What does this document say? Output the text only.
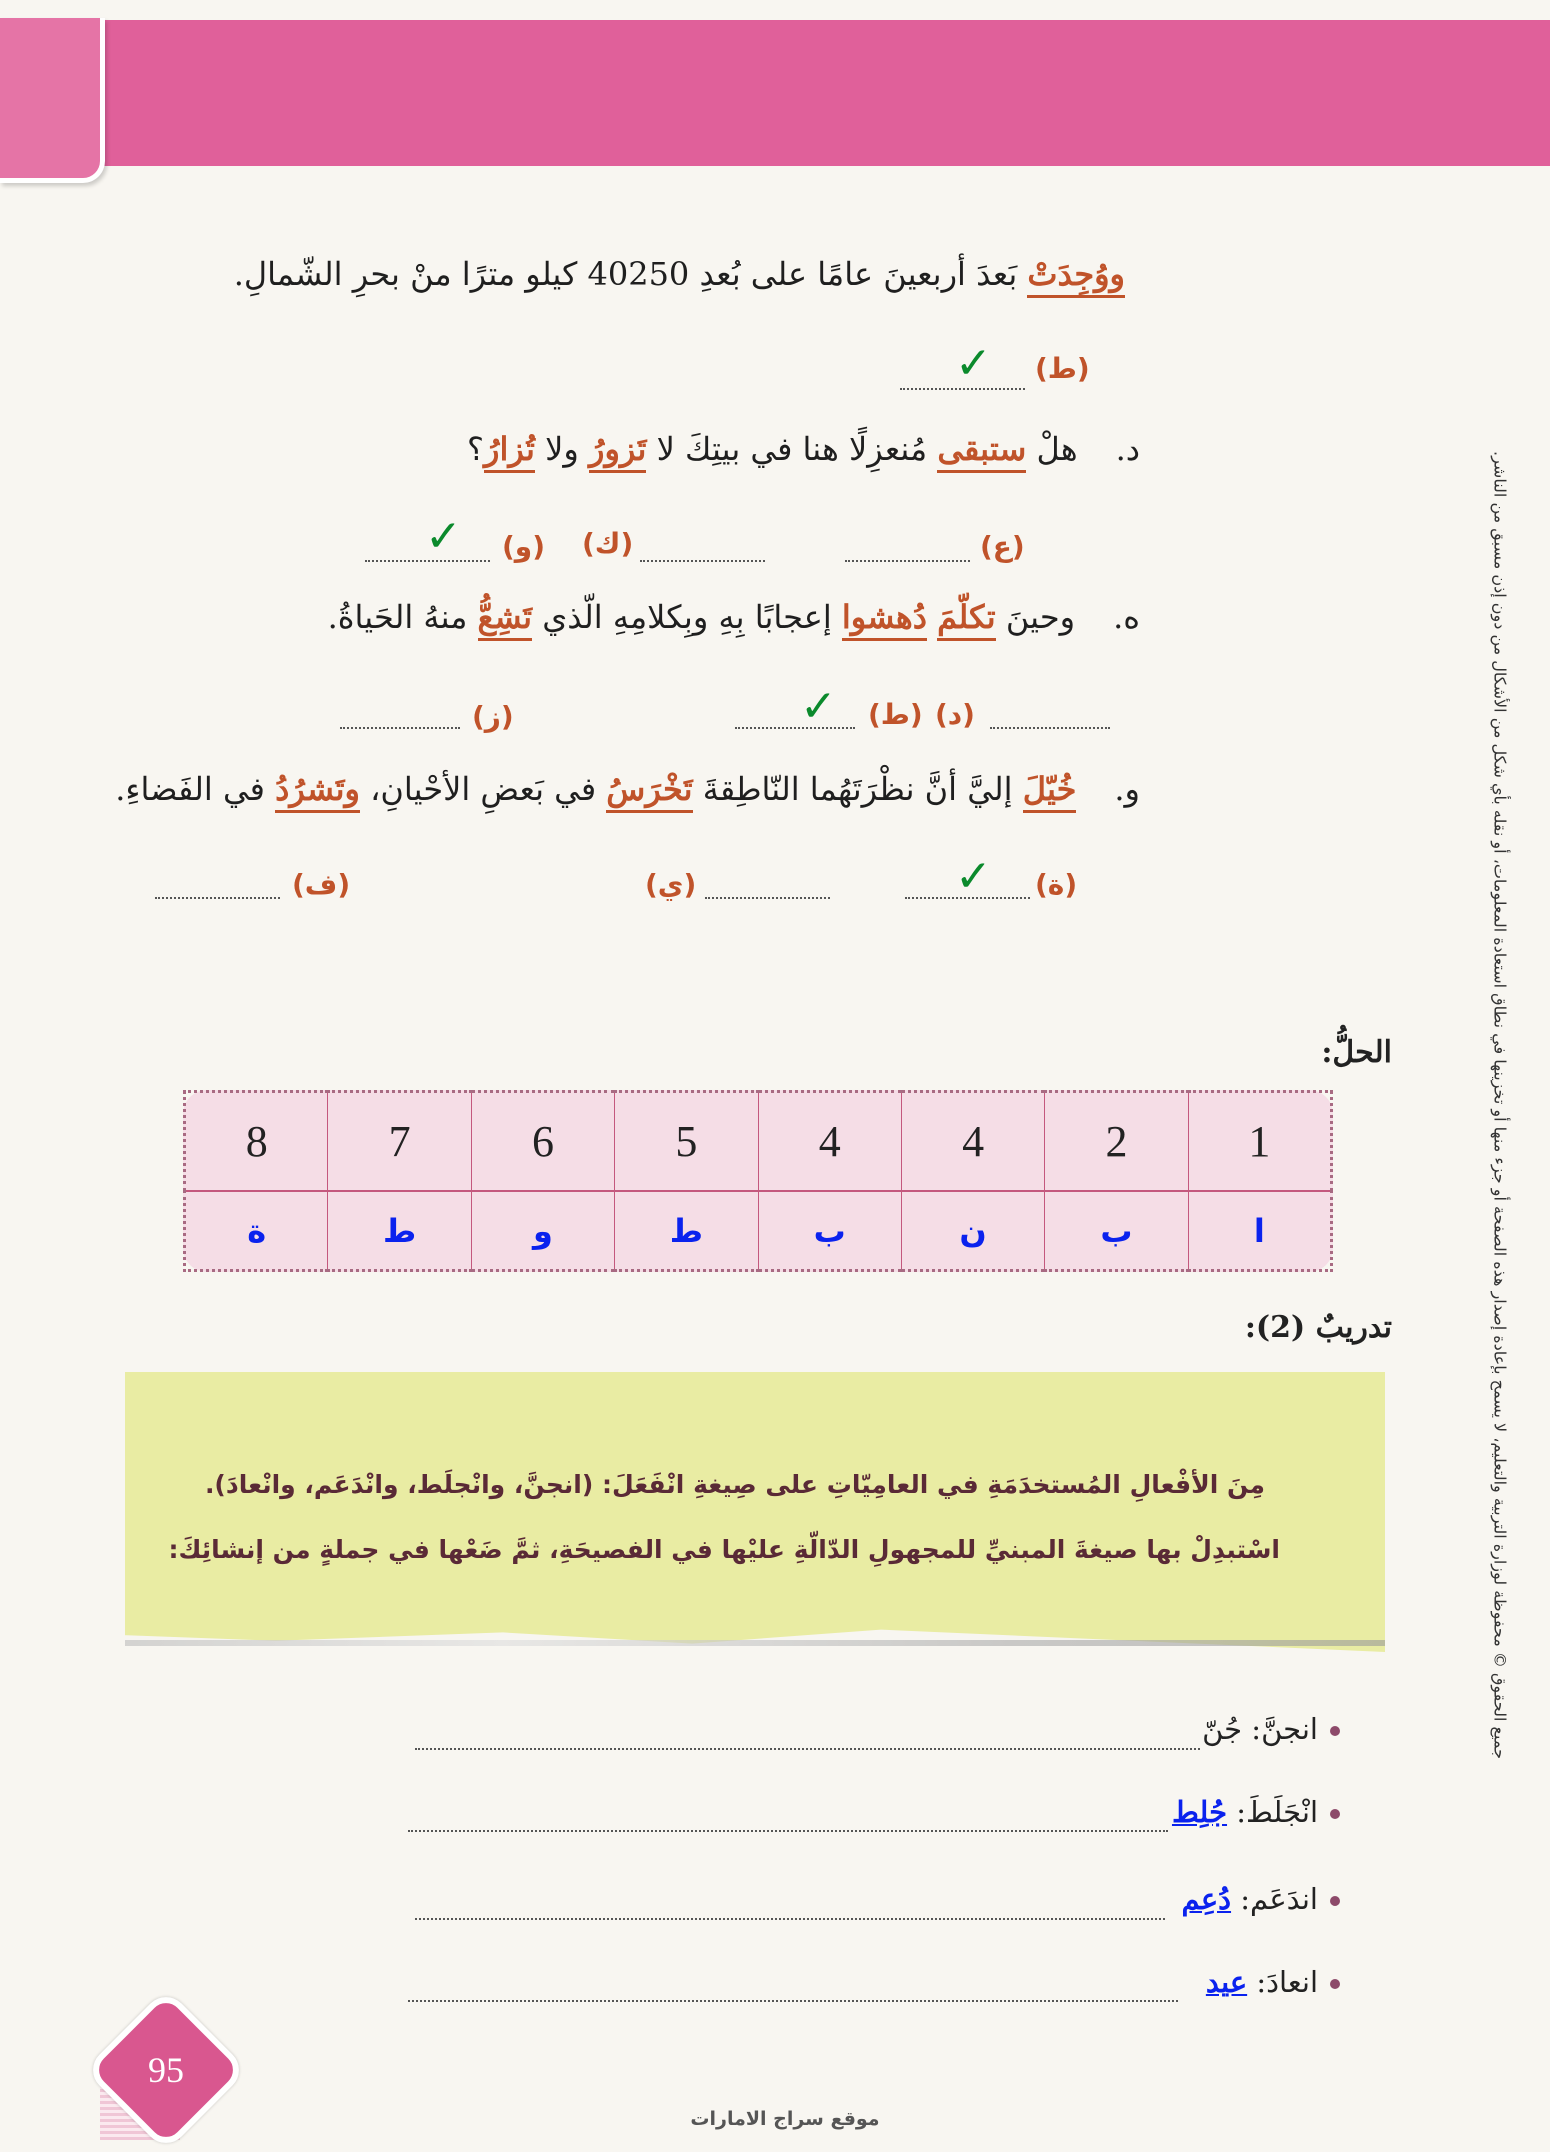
ووُجِدَتْ بَعدَ أربعينَ عامًا على بُعدِ 40250 كيلو مترًا منْ بحرِ الشّمالِ.
(ط)
✓
د.هلْ ستبقى مُنعزِلًا هنا في بيتِكَ لا تَزورُ ولا تُزارُ؟
(ع)
(ك)
(و)
✓
ه.وحينَ تكلّمَ دُهشوا إعجابًا بِهِ وبِكلامِهِ الّذي تَشِعُّ منهُ الحَياةُ.
(د)
(ط)
✓
(ز)
و.خُيّلَ إليَّ أنَّ نظْرَتَهُما النّاطِقةَ تَخْرَسُ في بَعضِ الأحْيانِ، وتَشرُدُ في الفَضاءِ.
(ة)
✓
(ي)
(ف)
الحلُّ:
1	2	4	4	5	6	7	8
ا	ب	ن	ب	ط	و	ط	ة
تدريبٌ (2):
مِنَ الأفْعالِ المُستخدَمَةِ في العامِيّاتِ على صِيغةِ انْفَعَلَ: (انجنَّ، وانْجلَط، وانْدَعَم، وانْعادَ).
اسْتبدِلْ بها صيغةَ المبنيِّ للمجهولِ الدّالّةِ عليْها في الفصيحَةِ، ثمَّ ضَعْها في جملةٍ من إنشائِكَ:
انجنَّ: جُنّ
انْجَلَطَ: جُلِط
اندَعَم: دُعِم
انعادَ: عيد
جميع الحقوق © محفوظة لوزارة التربية والتعليم، لا يسمح بإعادة إصدار هذه الصفحة أو جزء منها أو تخزينها في نطاق استعادة المعلومات، أو نقله بأي شكل من الأشكال من دون إذن مسبق من الناشر.
95
موقع سراج الامارات
